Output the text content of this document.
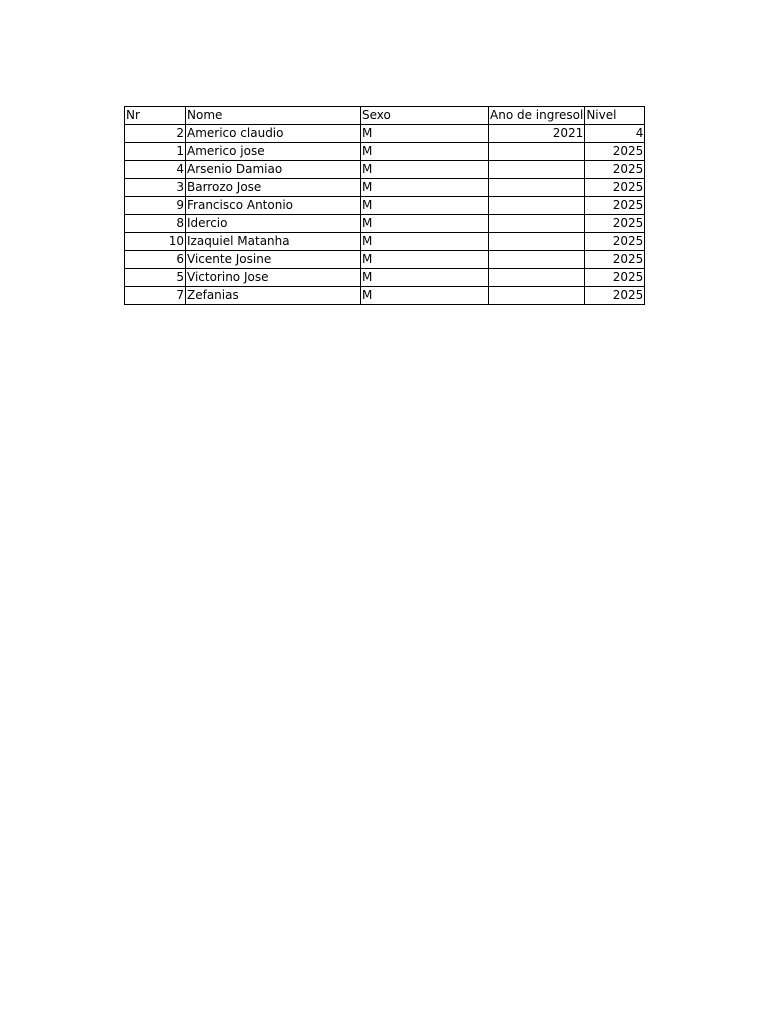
Nr	Nome	Sexo	Ano de ingresol	Nivel
2	Americo claudio	M	2021	4
1	Americo jose	M		2025
4	Arsenio Damiao	M		2025
3	Barrozo Jose	M		2025
9	Francisco Antonio	M		2025
8	Idercio	M		2025
10	Izaquiel Matanha	M		2025
6	Vicente Josine	M		2025
5	Victorino Jose	M		2025
7	Zefanias	M		2025
